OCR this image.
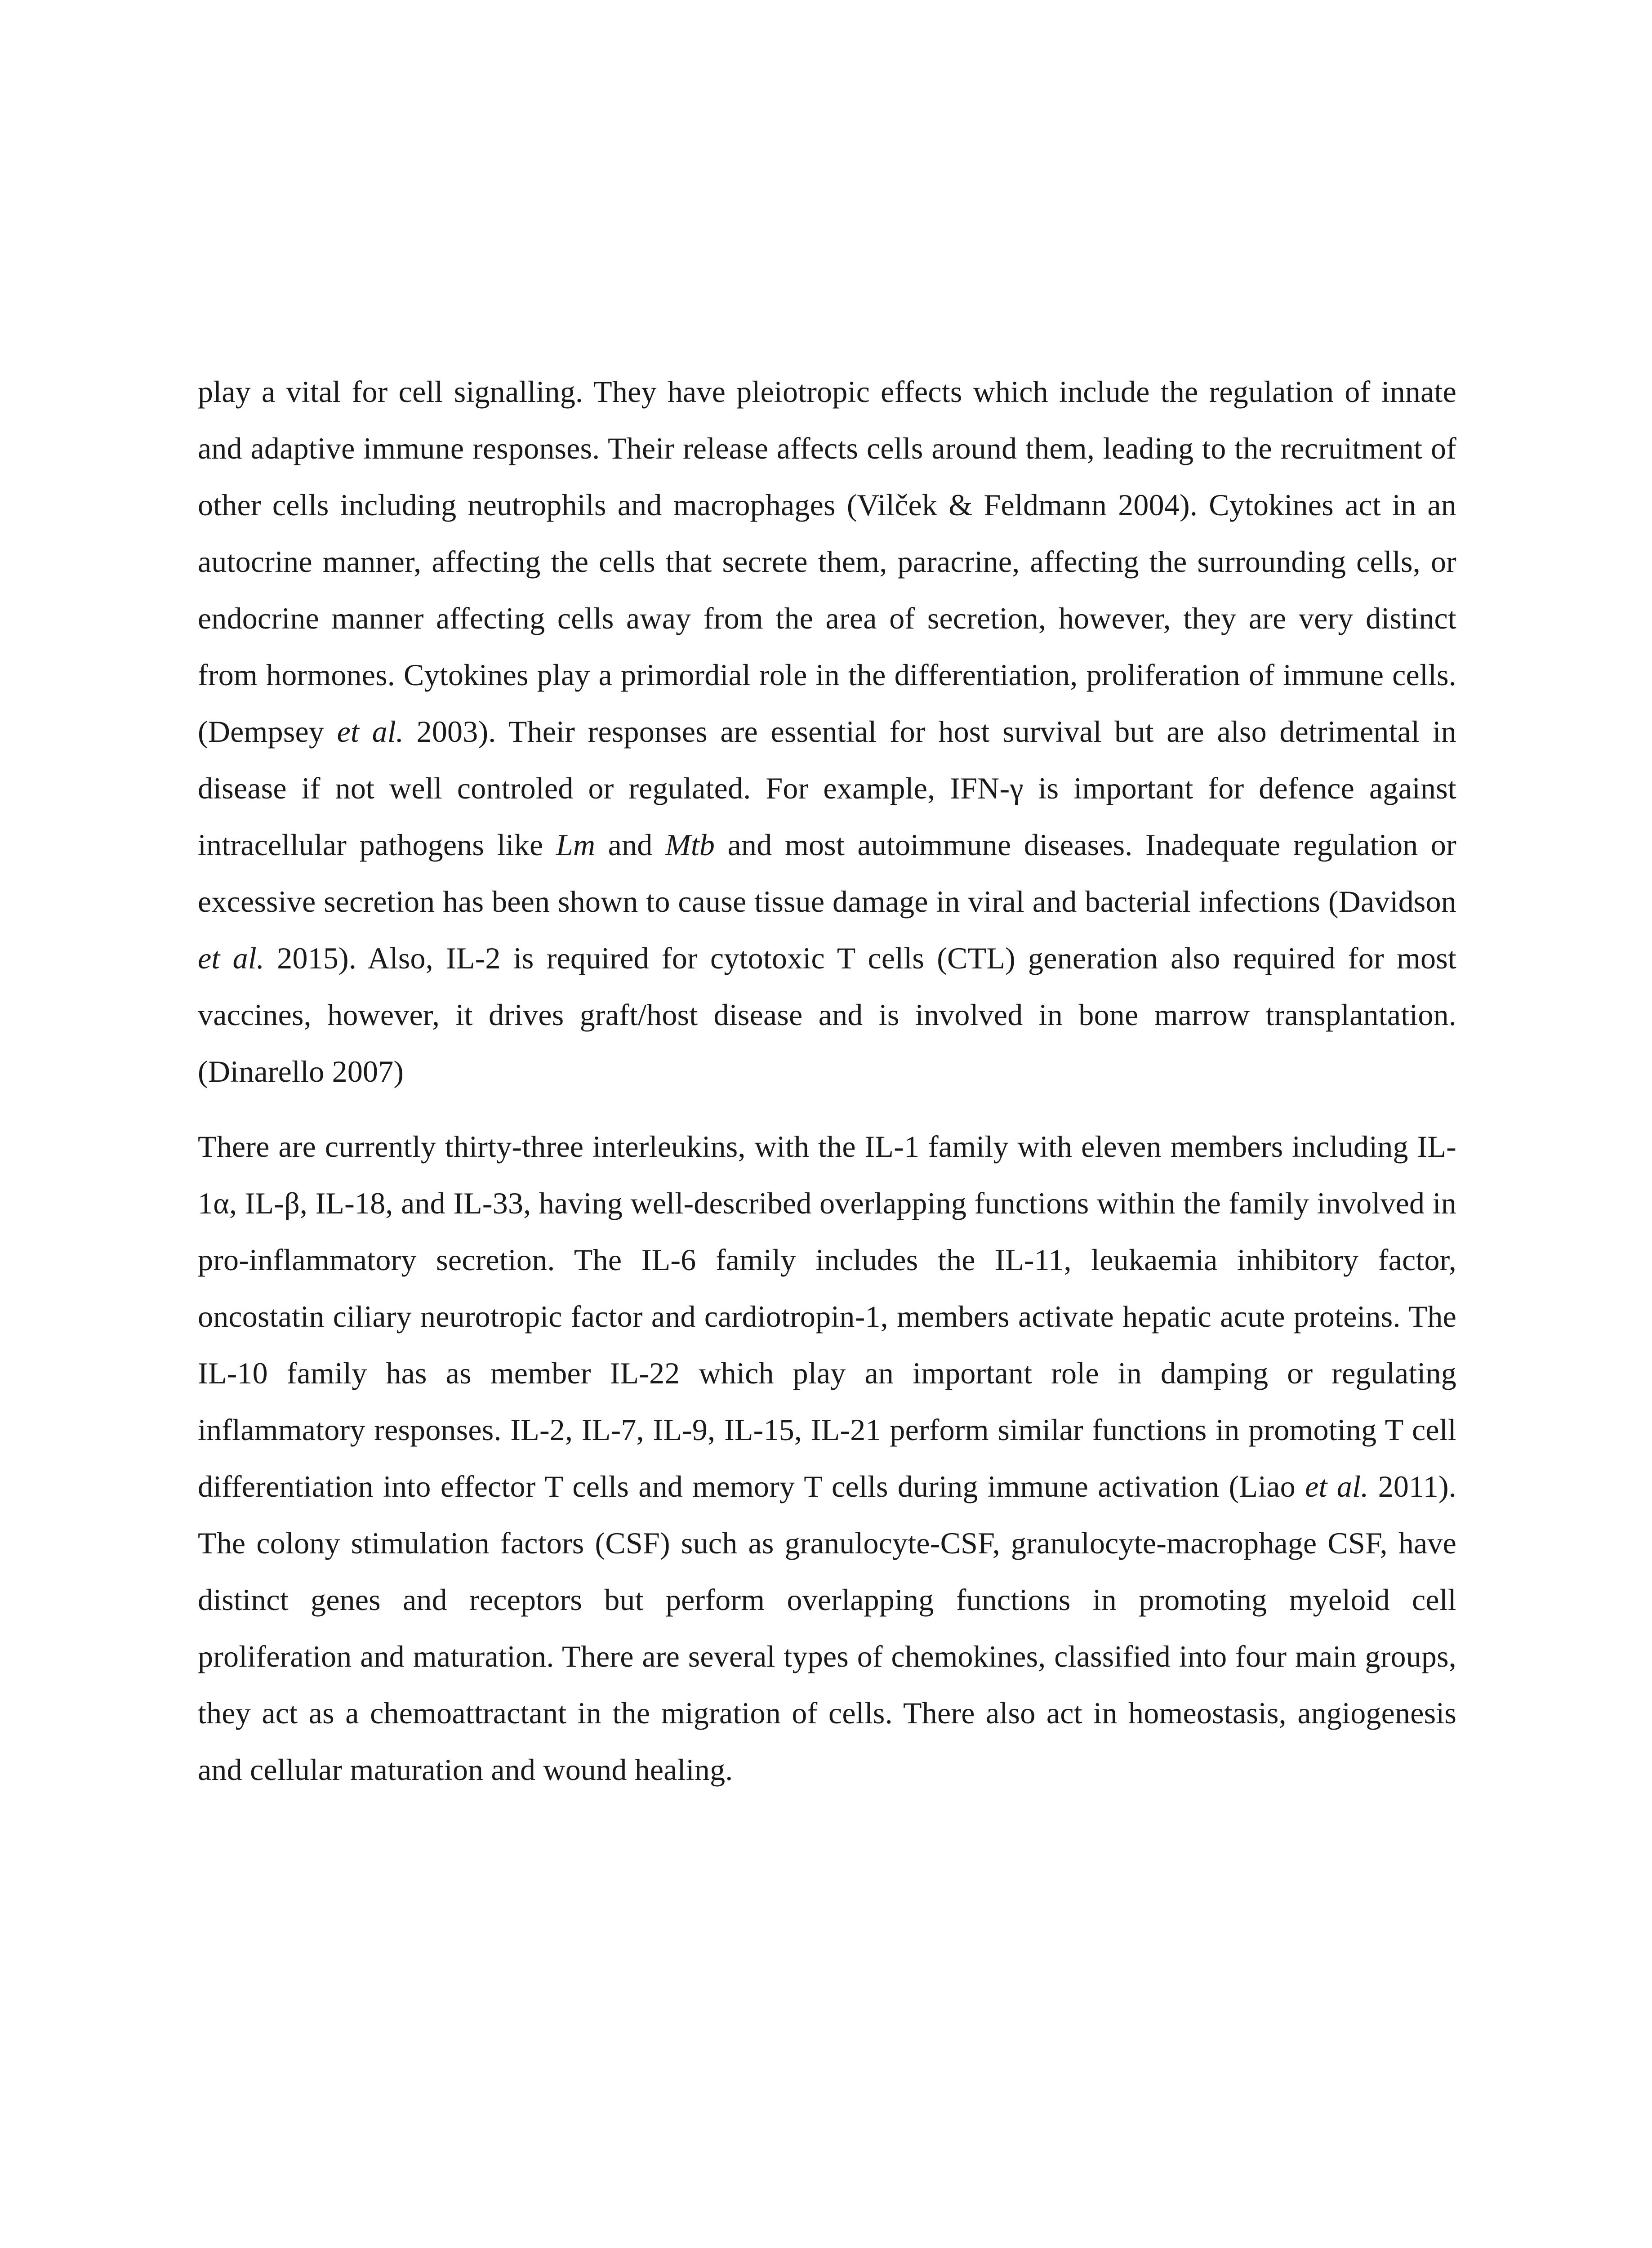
play a vital for cell signalling. They have pleiotropic effects which include the regulation of innate and adaptive immune responses. Their release affects cells around them, leading to the recruitment of other cells including neutrophils and macrophages (Vilček & Feldmann 2004). Cytokines act in an autocrine manner, affecting the cells that secrete them, paracrine, affecting the surrounding cells, or endocrine manner affecting cells away from the area of secretion, however, they are very distinct from hormones. Cytokines play a primordial role in the differentiation, proliferation of immune cells. (Dempsey et al. 2003). Their responses are essential for host survival but are also detrimental in disease if not well controled or regulated. For example, IFN-γ is important for defence against intracellular pathogens like Lm and Mtb and most autoimmune diseases. Inadequate regulation or excessive secretion has been shown to cause tissue damage in viral and bacterial infections (Davidson et al. 2015). Also, IL-2 is required for cytotoxic T cells (CTL) generation also required for most vaccines, however, it drives graft/host disease and is involved in bone marrow transplantation. (Dinarello 2007)

There are currently thirty-three interleukins, with the IL-1 family with eleven members including IL-1α, IL-β, IL-18, and IL-33, having well-described overlapping functions within the family involved in pro-inflammatory secretion. The IL-6 family includes the IL-11, leukaemia inhibitory factor, oncostatin ciliary neurotropic factor and cardiotropin-1, members activate hepatic acute proteins. The IL-10 family has as member IL-22 which play an important role in damping or regulating inflammatory responses. IL-2, IL-7, IL-9, IL-15, IL-21 perform similar functions in promoting T cell differentiation into effector T cells and memory T cells during immune activation (Liao et al. 2011). The colony stimulation factors (CSF) such as granulocyte-CSF, granulocyte-macrophage CSF, have distinct genes and receptors but perform overlapping functions in promoting myeloid cell proliferation and maturation. There are several types of chemokines, classified into four main groups, they act as a chemoattractant in the migration of cells. There also act in homeostasis, angiogenesis and cellular maturation and wound healing.
